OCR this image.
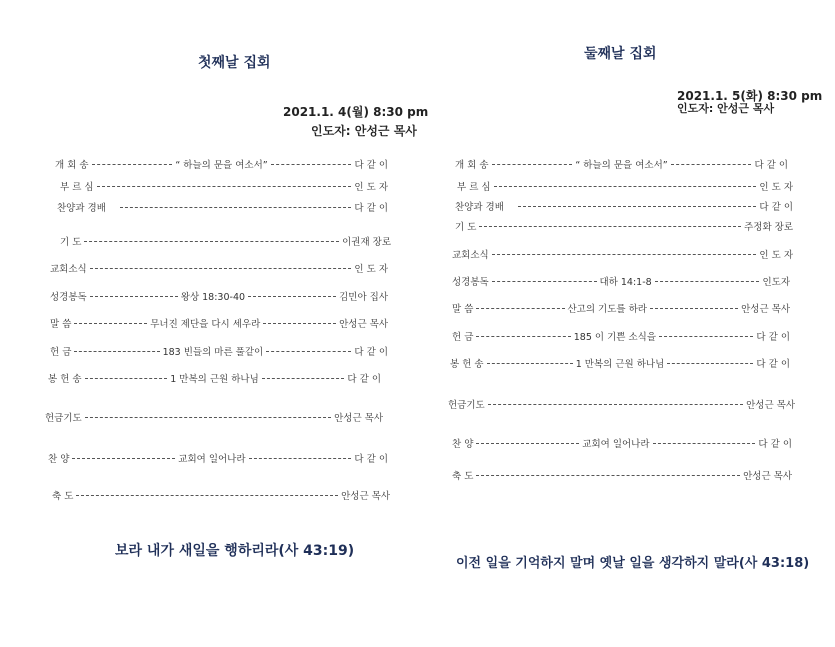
첫째날 집회
2021.1. 4(월) 8:30 pm
인도자: 안성근 목사
개 회 송	“ 하늘의 문을 여소서”	다 같 이
부 르 심	인 도 자
찬양과 경배	다 같 이
기 도	이권재 장로
교회소식	인 도 자
성경봉독	왕상 18:30-40	김민아 집사
말 씀	무너진 제단을 다시 세우라	안성근 목사
헌 금	183 빈들의 마른 풀같이	다 같 이
봉 헌 송	1 만복의 근원 하나님	다 같 이
헌금기도	안성근 목사
찬 양	교회여 일어나라	다 같 이
축 도	안성근 목사
보라 내가 새일을 행하리라(사 43:19)
둘째날 집회
2021.1. 5(화) 8:30 pm
인도자: 안성근 목사
개 회 송	“ 하늘의 문을 여소서”	다 같 이
부 르 심	인 도 자
찬양과 경배	다 같 이
기 도	주정화 장로
교회소식	인 도 자
성경봉독	대하 14:1-8	인도자
말 씀	산고의 기도를 하라	안성근 목사
헌 금	185 이 기쁜 소식을	다 같 이
봉 헌 송	1 만복의 근원 하나님	다 같 이
헌금기도	안성근 목사
찬 양	교회여 일어나라	다 같 이
축 도	안성근 목사
이전 일을 기억하지 말며 옛날 일을 생각하지 말라(사 43:18)
